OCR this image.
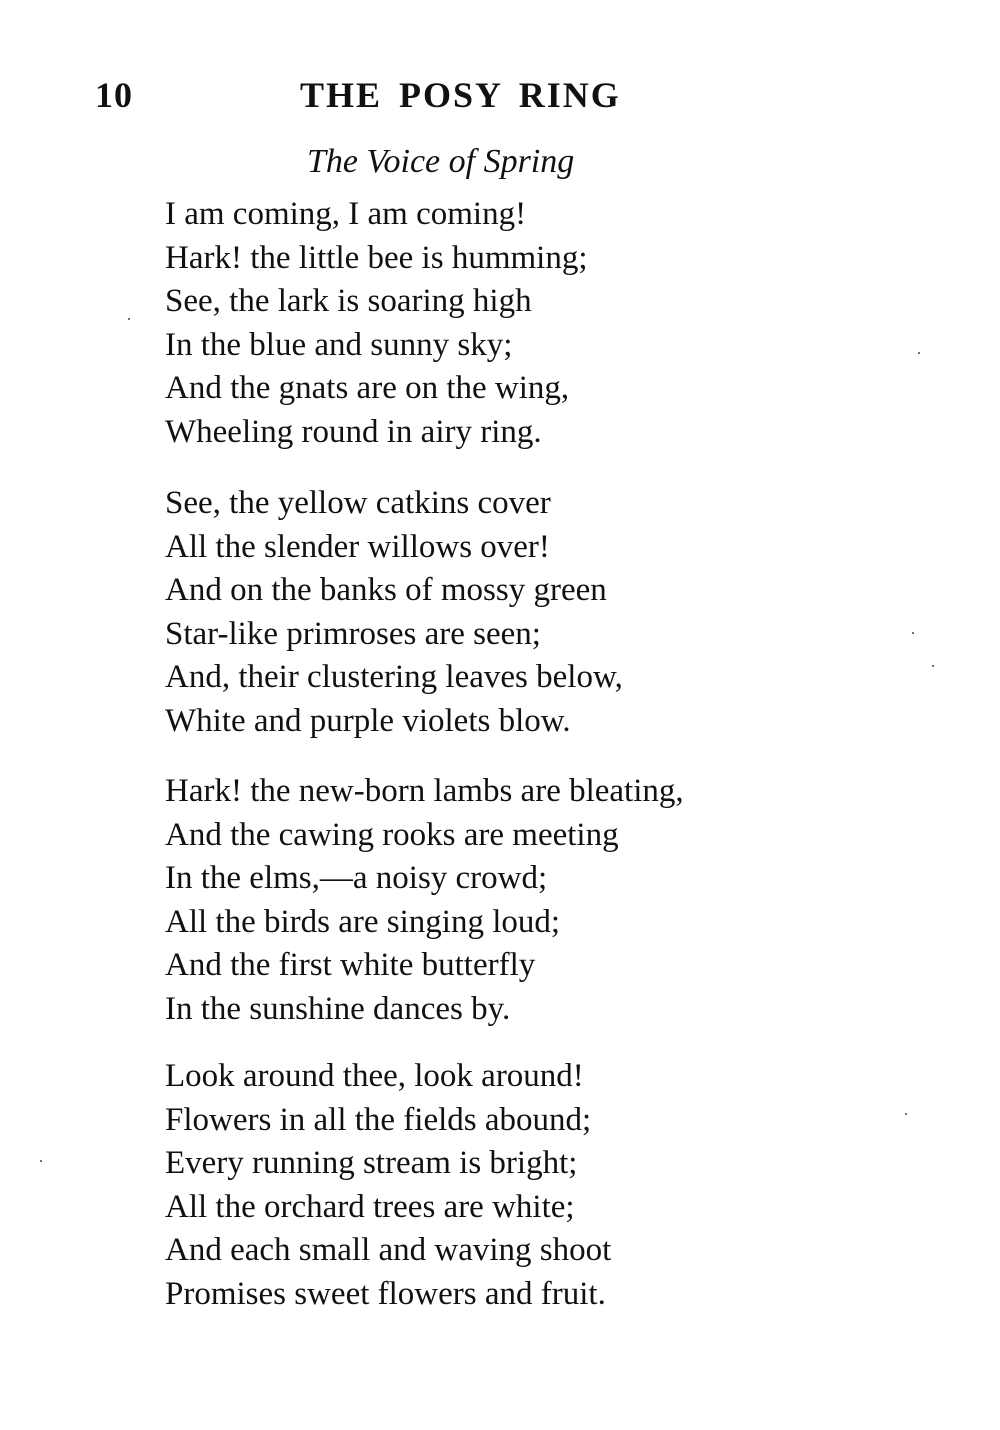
10	THE POSY RING
The Voice of Spring
I am coming, I am coming!
Hark! the little bee is humming;
See, the lark is soaring high
In the blue and sunny sky;
And the gnats are on the wing,
Wheeling round in airy ring.
See, the yellow catkins cover
All the slender willows over!
And on the banks of mossy green
Star-like primroses are seen;
And, their clustering leaves below,
White and purple violets blow.
Hark! the new-born lambs are bleating,
And the cawing rooks are meeting
In the elms,—a noisy crowd;
All the birds are singing loud;
And the first white butterfly
In the sunshine dances by.
Look around thee, look around!
Flowers in all the fields abound;
Every running stream is bright;
All the orchard trees are white;
And each small and waving shoot
Promises sweet flowers and fruit.
